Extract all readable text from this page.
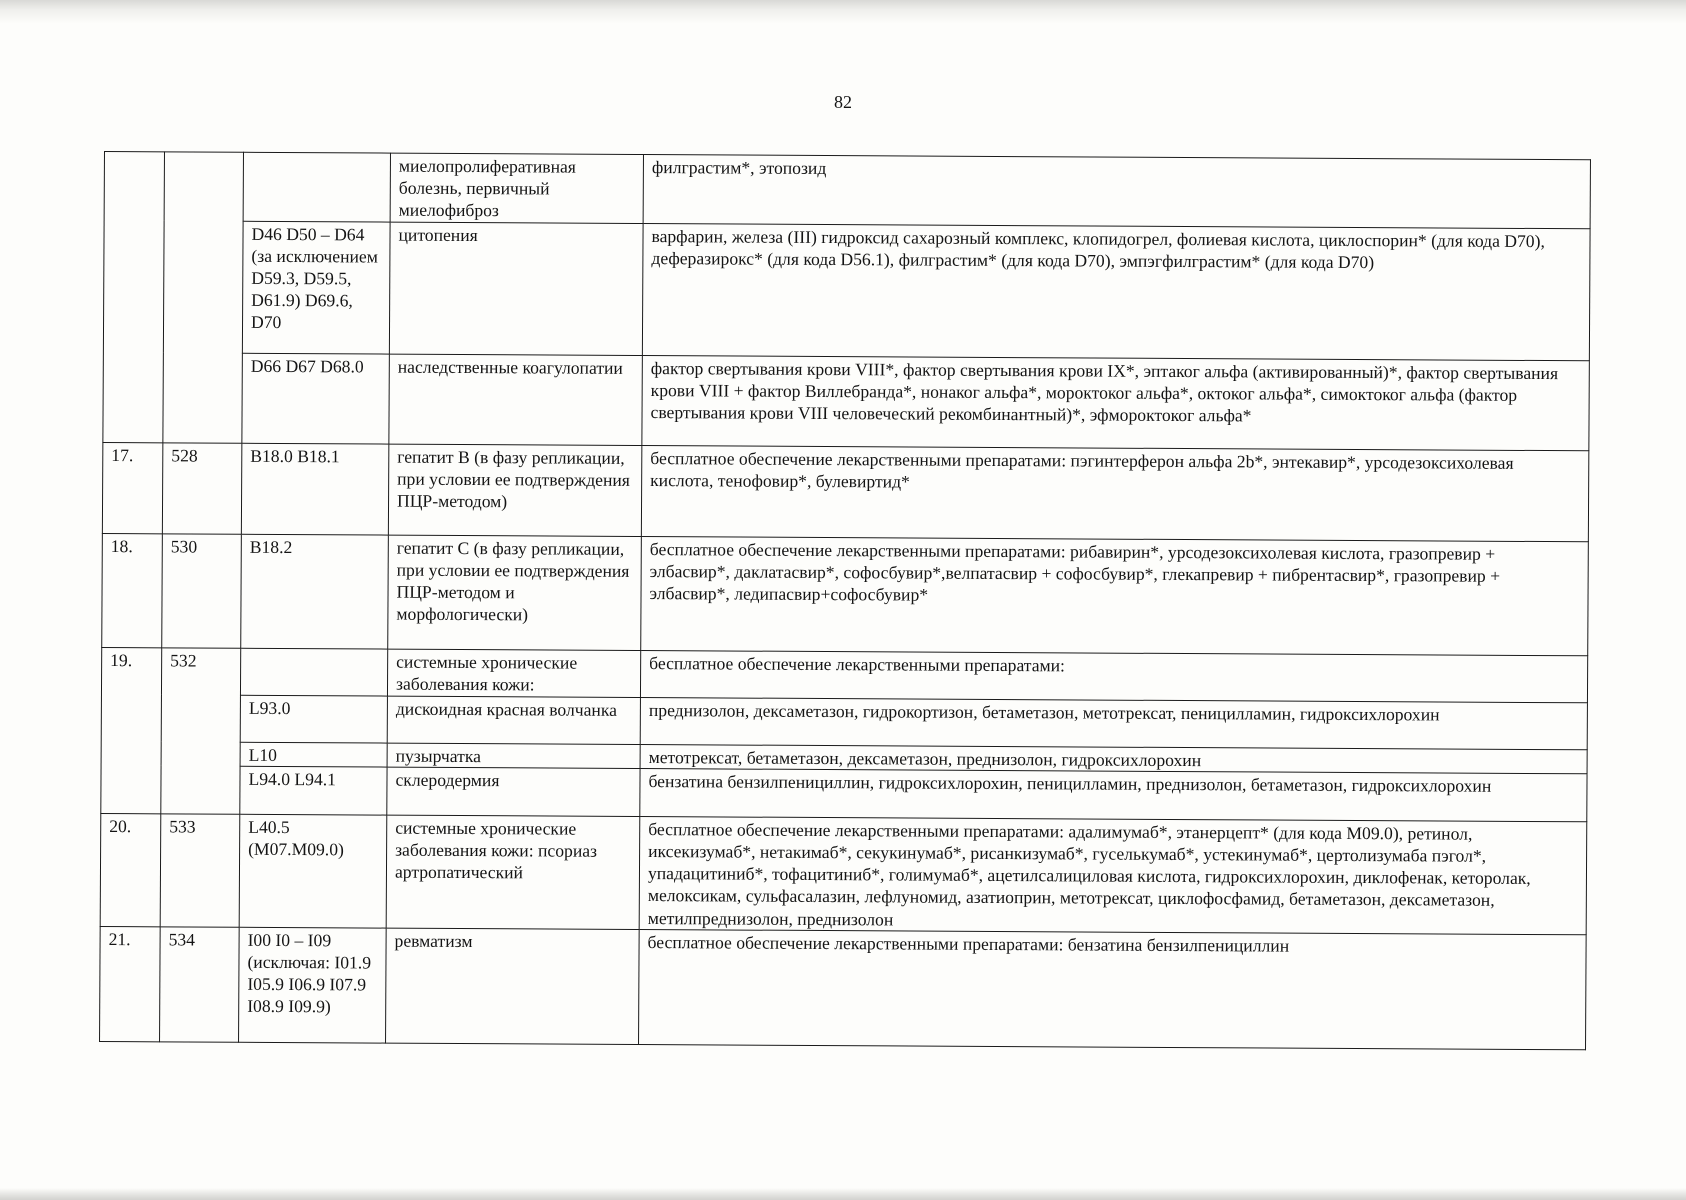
82
			миелопролиферативная болезнь, первичный миелофиброз	филграстим*, этопозид
		D46 D50 – D64 (за исключением D59.3, D59.5, D61.9) D69.6, D70	цитопения	варфарин, железа (III) гидроксид сахарозный комплекс, клопидогрел, фолиевая кислота, циклоспорин* (для кода D70), деферазирокс* (для кода D56.1), филграстим* (для кода D70), эмпэгфилграстим* (для кода D70)
		D66 D67 D68.0	наследственные коагулопатии	фактор свертывания крови VIII*, фактор свертывания крови IX*, эптаког альфа (активированный)*, фактор свертывания крови VIII + фактор Виллебранда*, нонаког альфа*, мороктоког альфа*, октоког альфа*, симоктоког альфа (фактор свертывания крови VIII человеческий рекомбинантный)*, эфмороктоког альфа*
17.	528	B18.0 B18.1	гепатит B (в фазу репликации, при условии ее подтверждения ПЦР-методом)	бесплатное обеспечение лекарственными препаратами: пэгинтерферон альфа 2b*, энтекавир*, урсодезоксихолевая кислота, тенофовир*, булевиртид*
18.	530	B18.2	гепатит C (в фазу репликации, при условии ее подтверждения ПЦР-методом и морфологически)	бесплатное обеспечение лекарственными препаратами: рибавирин*, урсодезоксихолевая кислота, гразопревир + элбасвир*, даклатасвир*, софосбувир*,велпатасвир + софосбувир*, глекапревир + пибрентасвир*, гразопревир + элбасвир*, ледипасвир+софосбувир*
19.	532		системные хронические заболевания кожи:	бесплатное обеспечение лекарственными препаратами:
		L93.0	дискоидная красная волчанка	преднизолон, дексаметазон, гидрокортизон, бетаметазон, метотрексат, пеницилламин, гидроксихлорохин
		L10	пузырчатка	метотрексат, бетаметазон, дексаметазон, преднизолон, гидроксихлорохин
		L94.0 L94.1	склеродермия	бензатина бензилпенициллин, гидроксихлорохин, пеницилламин, преднизолон, бетаметазон, гидроксихлорохин
20.	533	L40.5 (M07.M09.0)	системные хронические заболевания кожи: псориаз артропатический	бесплатное обеспечение лекарственными препаратами: адалимумаб*, этанерцепт* (для кода M09.0), ретинол, иксекизумаб*, нетакимаб*, секукинумаб*, рисанкизумаб*, гуселькумаб*, устекинумаб*, цертолизумаба пэгол*, упадацитиниб*, тофацитиниб*, голимумаб*, ацетилсалициловая кислота, гидроксихлорохин, диклофенак, кеторолак, мелоксикам, сульфасалазин, лефлуномид, азатиоприн, метотрексат, циклофосфамид, бетаметазон, дексаметазон, метилпреднизолон, преднизолон
21.	534	I00 I0 – I09 (исключая: I01.9 I05.9 I06.9 I07.9 I08.9 I09.9)	ревматизм	бесплатное обеспечение лекарственными препаратами: бензатина бензилпенициллин
